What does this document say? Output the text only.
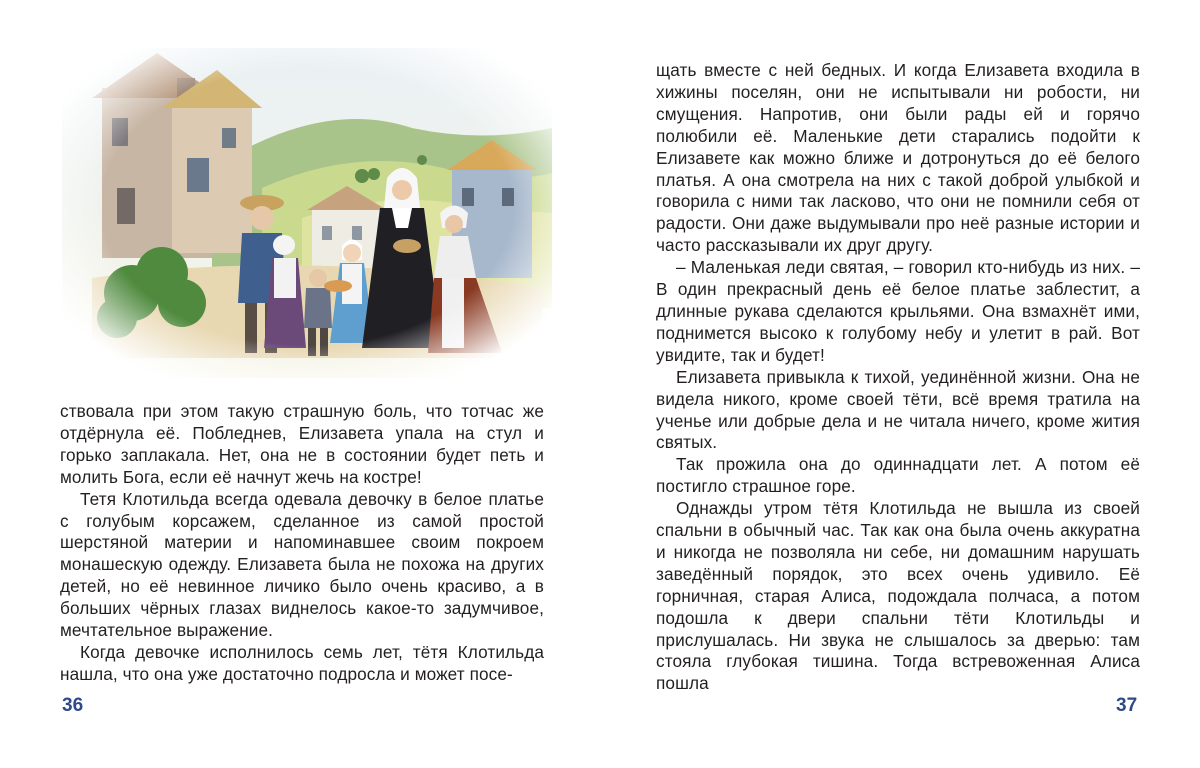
ствовала при этом такую страшную боль, что тотчас же отдёрнула её. Побледнев, Елизавета упала на стул и горько заплакала. Нет, она не в состоянии будет петь и молить Бога, если её начнут жечь на костре!

Тетя Клотильда всегда одевала девочку в белое платье с голубым корсажем, сделанное из самой простой шерстяной материи и напоминавшее своим покроем монашескую одежду. Елизавета была не похожа на других детей, но её невинное личико было очень красиво, а в больших чёрных глазах виднелось какое-то задумчивое, мечтательное выражение.

Когда девочке исполнилось семь лет, тётя Клотильда нашла, что она уже достаточно подросла и может посе-

36

щать вместе с ней бедных. И когда Елизавета входила в хижины поселян, они не испытывали ни робости, ни смущения. Напротив, они были рады ей и горячо полюбили её. Маленькие дети старались подойти к Елизавете как можно ближе и дотронуться до её белого платья. А она смотрела на них с такой доброй улыбкой и говорила с ними так ласково, что они не помнили себя от радости. Они даже выдумывали про неё разные истории и часто рассказывали их друг другу.

– Маленькая леди святая, – говорил кто-нибудь из них. – В один прекрасный день её белое платье заблестит, а длинные рукава сделаются крыльями. Она взмахнёт ими, поднимется высоко к голубому небу и улетит в рай. Вот увидите, так и будет!

Елизавета привыкла к тихой, уединённой жизни. Она не видела никого, кроме своей тёти, всё время тратила на ученье или добрые дела и не читала ничего, кроме жития святых.

Так прожила она до одиннадцати лет. А потом её постигло страшное горе.

Однажды утром тётя Клотильда не вышла из своей спальни в обычный час. Так как она была очень аккуратна и никогда не позволяла ни себе, ни домашним нарушать заведённый порядок, это всех очень удивило. Её горничная, старая Алиса, подождала полчаса, а потом подошла к двери спальни тёти Клотильды и прислушалась. Ни звука не слышалось за дверью: там стояла глубокая тишина. Тогда встревоженная Алиса пошла

37
